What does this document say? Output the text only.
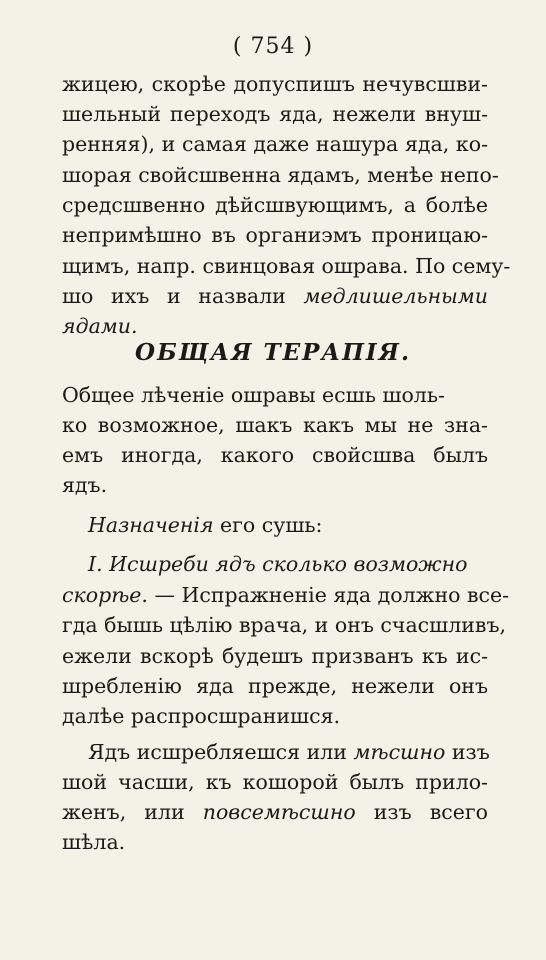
( 754 )
жицею, скорѣе допуспишъ нечувсшви-
шельный переходъ яда, нежели внуш-
ренняя), и самая даже нашура яда, ко-
шорая свойсшвенна ядамъ, менѣе непо-
средсшвенно дѣйсшвующимъ, а болѣе
непримѣшно въ органиэмъ проницаю-
щимъ, напр. свинцовая ошрава. По сему-
шо ихъ и назвали медлишельными
ядами.
ОБЩАЯ ТЕРАПІЯ.
Общее лѣченіе ошравы есшь шоль-
ко возможное, шакъ какъ мы не зна-
емъ иногда, какого свойсшва былъ
ядъ.
Назначенія его сушь:
I. Исшреби ядъ сколько возможно
скорѣе. — Испражненіе яда должно все-
гда бышь цѣлію врача, и онъ счасшливъ,
ежели вскорѣ будешъ призванъ къ ис-
шребленію яда прежде, нежели онъ
далѣе распросшранишся.
Ядъ исшребляешся или мѣсшно изъ
шой часши, къ кошорой былъ прило-
женъ, или повсемѣсшно изъ всего
шѣла.
